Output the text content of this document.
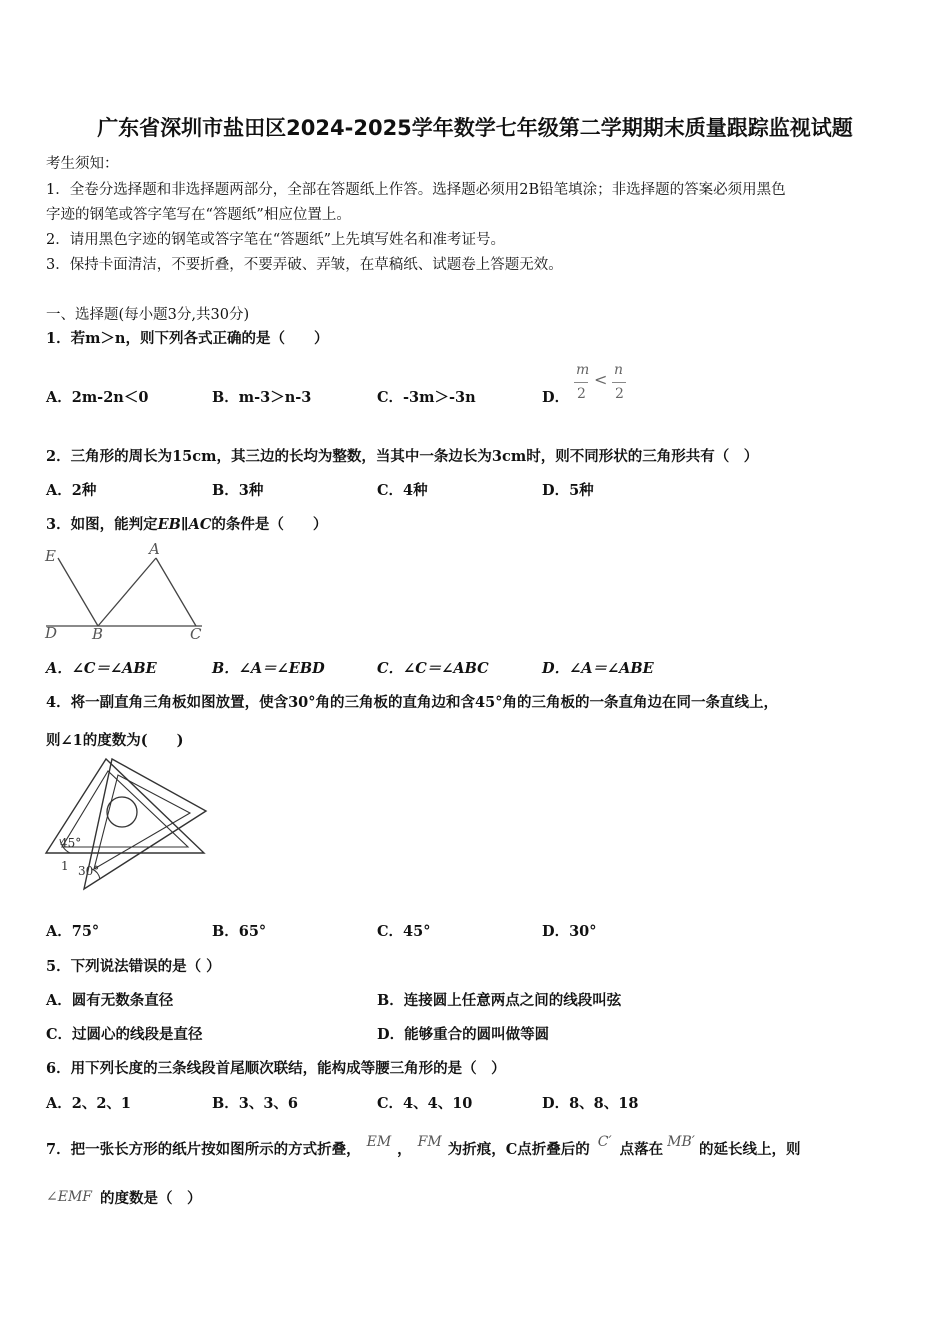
广东省深圳市盐田区2024-2025学年数学七年级第二学期期末质量跟踪监视试题
考生须知：
1．全卷分选择题和非选择题两部分，全部在答题纸上作答。选择题必须用2B铅笔填涂；非选择题的答案必须用黑色
字迹的钢笔或答字笔写在“答题纸”相应位置上。
2．请用黑色字迹的钢笔或答字笔在“答题纸”上先填写姓名和准考证号。
3．保持卡面清洁，不要折叠，不要弄破、弄皱，在草稿纸、试题卷上答题无效。
一、选择题(每小题3分,共30分)
1．若m＞n，则下列各式正确的是（　　）
A．2m-2n＜0	B．m-3＞n-3	C．-3m＞-3n	D．
m
2
< n
2
2．三角形的周长为15cm，其三边的长均为整数，当其中一条边长为3cm时，则不同形状的三角形共有（　）
A．2种	B．3种	C．4种	D．5种
3．如图，能判定EB∥AC的条件是（　　）
E	A
D B	C
A．∠C＝∠ABE	B．∠A＝∠EBD	C．∠C＝∠ABC	D．∠A＝∠ABE
4．将一副直角三角板如图放置，使含30°角的三角板的直角边和含45°角的三角板的一条直角边在同一条直线上，
则∠1的度数为(　　)
45°
1 30°
A．75°	B．65°	C．45°	D．30°
5．下列说法错误的是（ ）
A．圆有无数条直径	B．连接圆上任意两点之间的线段叫弦
C．过圆心的线段是直径	D．能够重合的圆叫做等圆
6．用下列长度的三条线段首尾顺次联结，能构成等腰三角形的是（　）
A．2、2、1	B．3、3、6	C．4、4、10	D．8、8、18
7．把一张长方形的纸片按如图所示的方式折叠， EM ， FM 为折痕，C点折叠后的 C′ 点落在 MB′ 的延长线上，则
∠EMF 的度数是（　）
